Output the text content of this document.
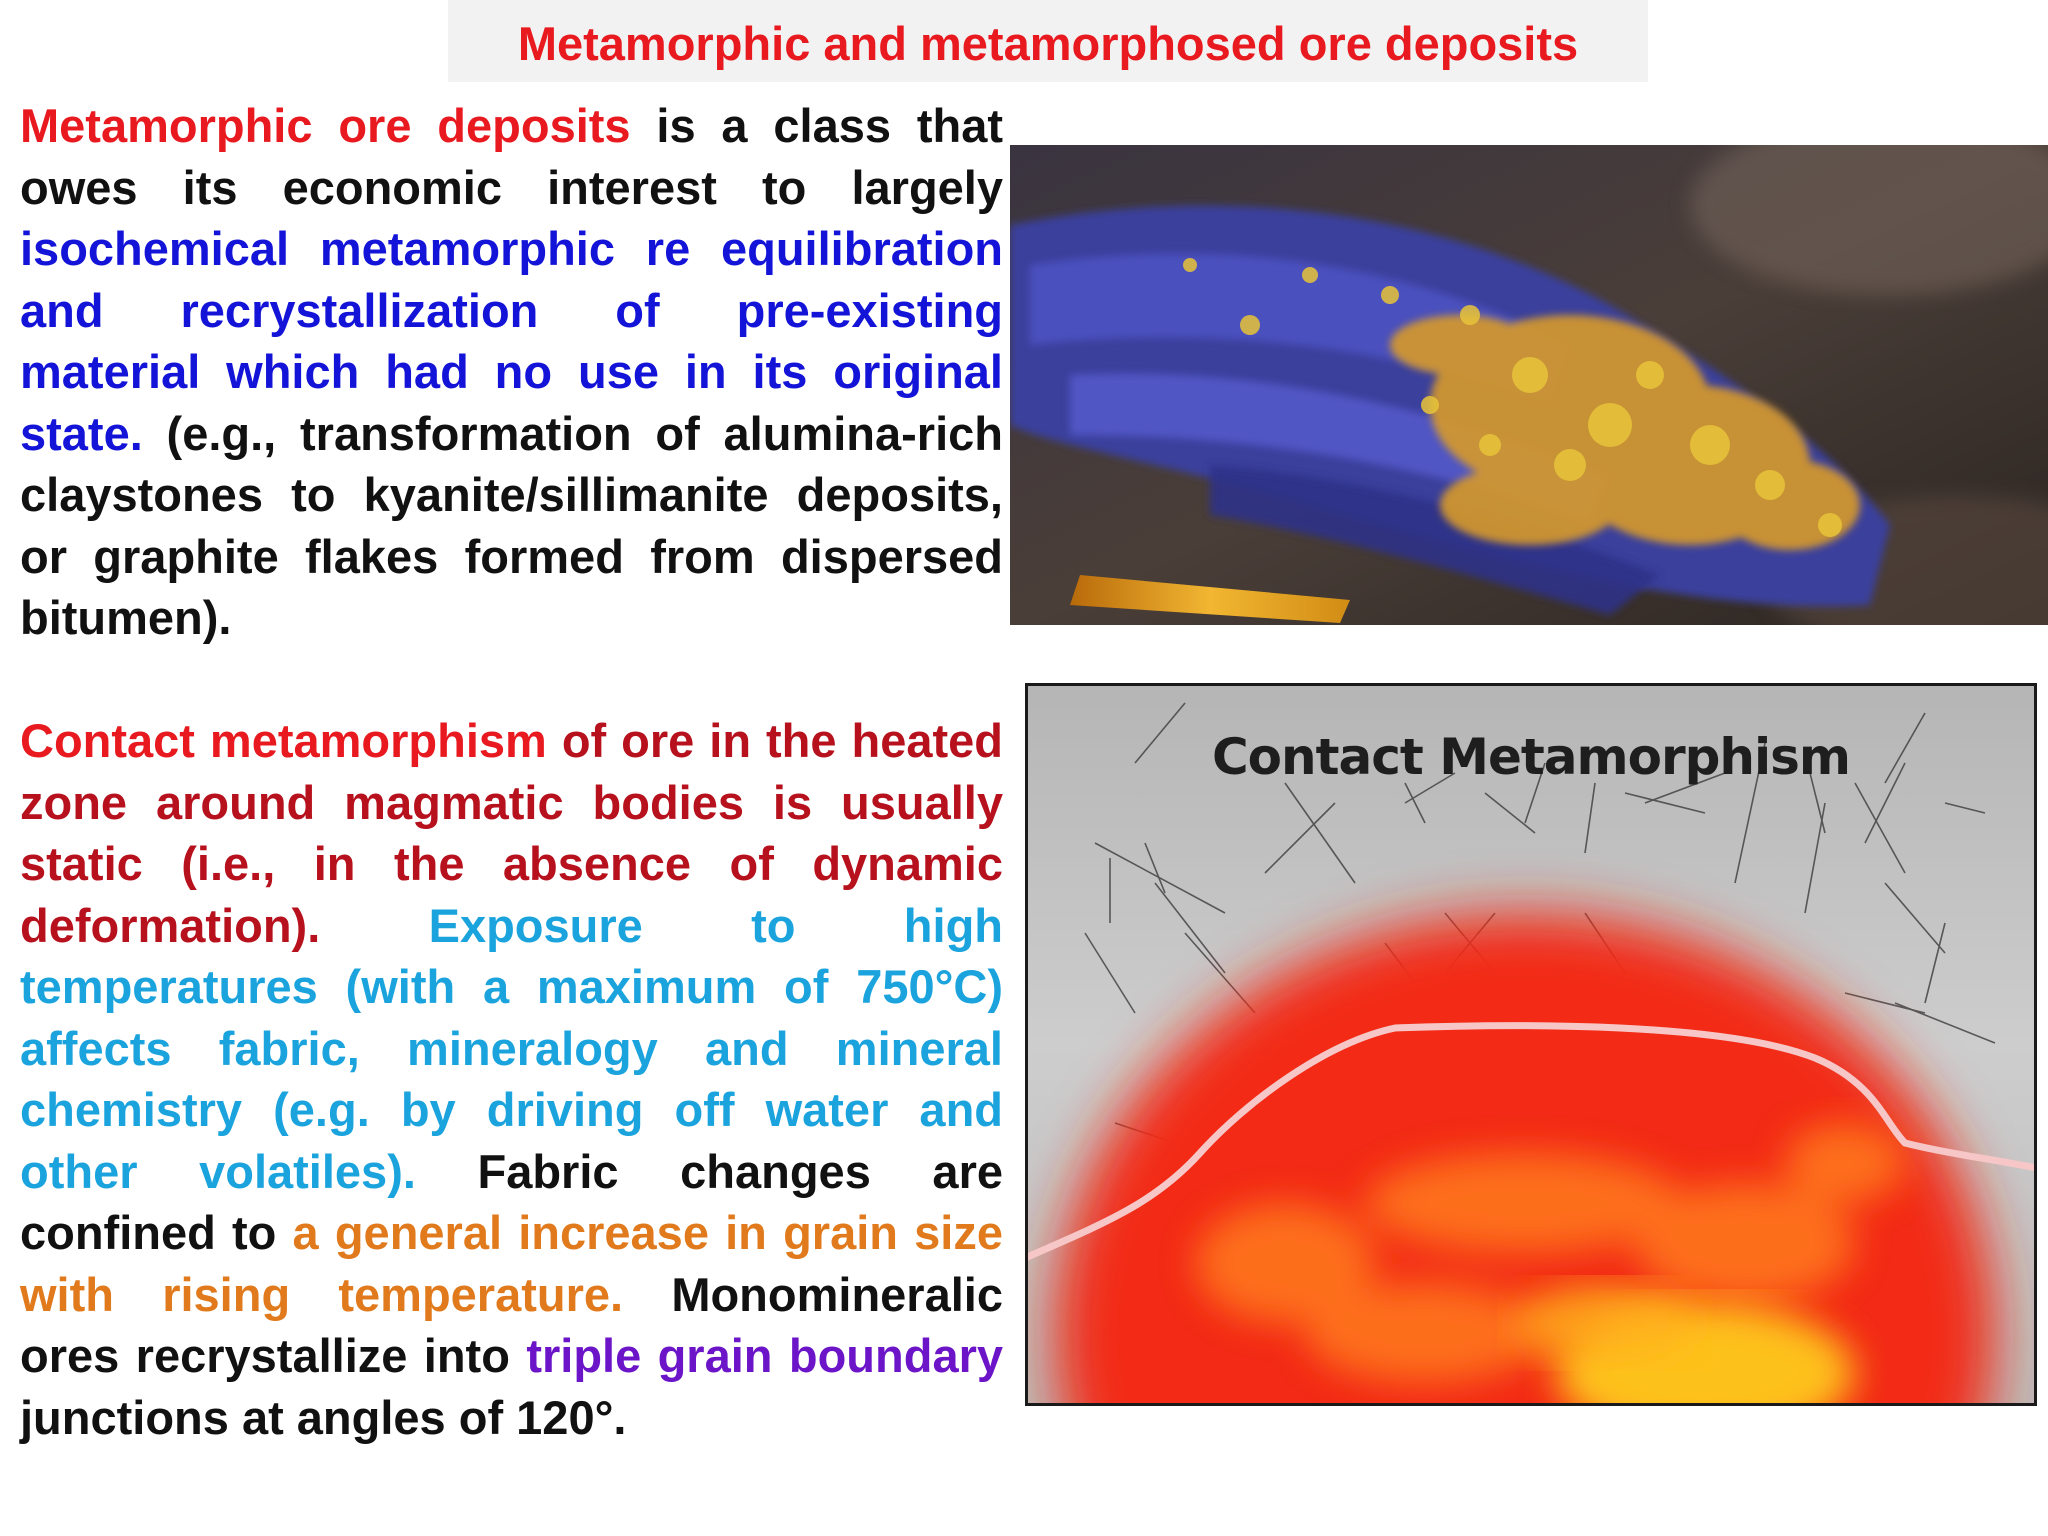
Metamorphic and metamorphosed ore deposits
Metamorphic ore deposits is a class that owes its economic interest to largely isochemical metamorphic re equilibration and recrystallization of pre-existing material which had no use in its original state. (e.g., transformation of alumina-rich claystones to kyanite/sillimanite deposits, or graphite flakes formed from dispersed bitumen).
Contact metamorphism of ore in the heated zone around magmatic bodies is usually static (i.e., in the absence of dynamic deformation). Exposure to high temperatures (with a maximum of 750°C) affects fabric, mineralogy and mineral chemistry (e.g. by driving off water and other volatiles). Fabric changes are confined to a general increase in grain size with rising temperature. Monomineralic ores recrystallize into triple grain boundary junctions at angles of 120°.
Contact Metamorphism
